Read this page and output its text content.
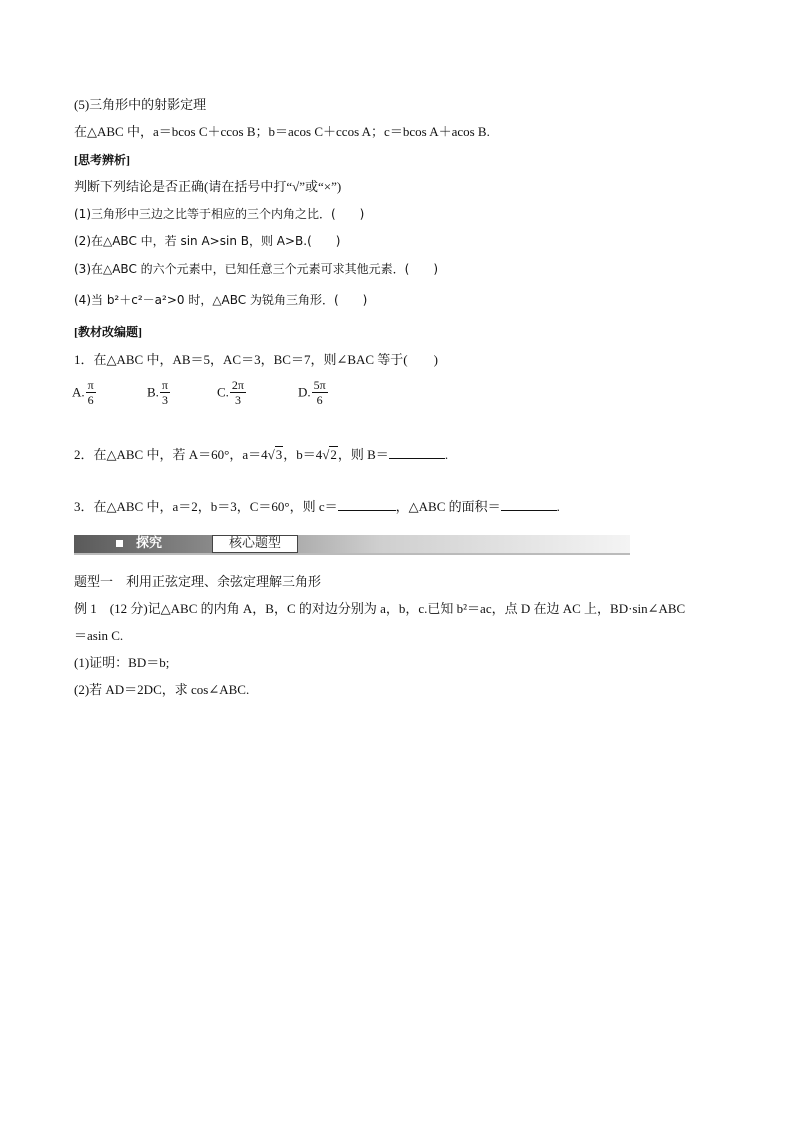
(5)三角形中的射影定理
在△ABC 中，a＝bcos C＋ccos B；b＝acos C＋ccos A；c＝bcos A＋acos B.
[思考辨析]
判断下列结论是否正确(请在括号中打“√”或“×”)
(1)三角形中三边之比等于相应的三个内角之比．(　　)
(2)在△ABC 中，若 sin A>sin B，则 A>B.(　　)
(3)在△ABC 的六个元素中，已知任意三个元素可求其他元素．(　　)
(4)当 b²＋c²－a²>0 时，△ABC 为锐角三角形．(　　)
[教材改编题]
1．在△ABC 中，AB＝5，AC＝3，BC＝7，则∠BAC 等于(　　)
A. $\frac{\pi}{6}$	B. $\frac{\pi}{3}$	C. $\frac{2\pi}{3}$	D. $\frac{5\pi}{6}$
2．在△ABC 中，若 A＝60°，a＝4√3，b＝4√2，则 B＝	.
3．在△ABC 中，a＝2，b＝3，C＝60°，则 c＝	，△ABC 的面积＝	.
探究	核心题型
题型一　利用正弦定理、余弦定理解三角形
例 1　(12 分)记△ABC 的内角 A，B，C 的对边分别为 a，b，c.已知 b²＝ac，点 D 在边 AC 上，BD·sin∠ABC
＝asin C.
(1)证明：BD＝b;
(2)若 AD＝2DC，求 cos∠ABC.
